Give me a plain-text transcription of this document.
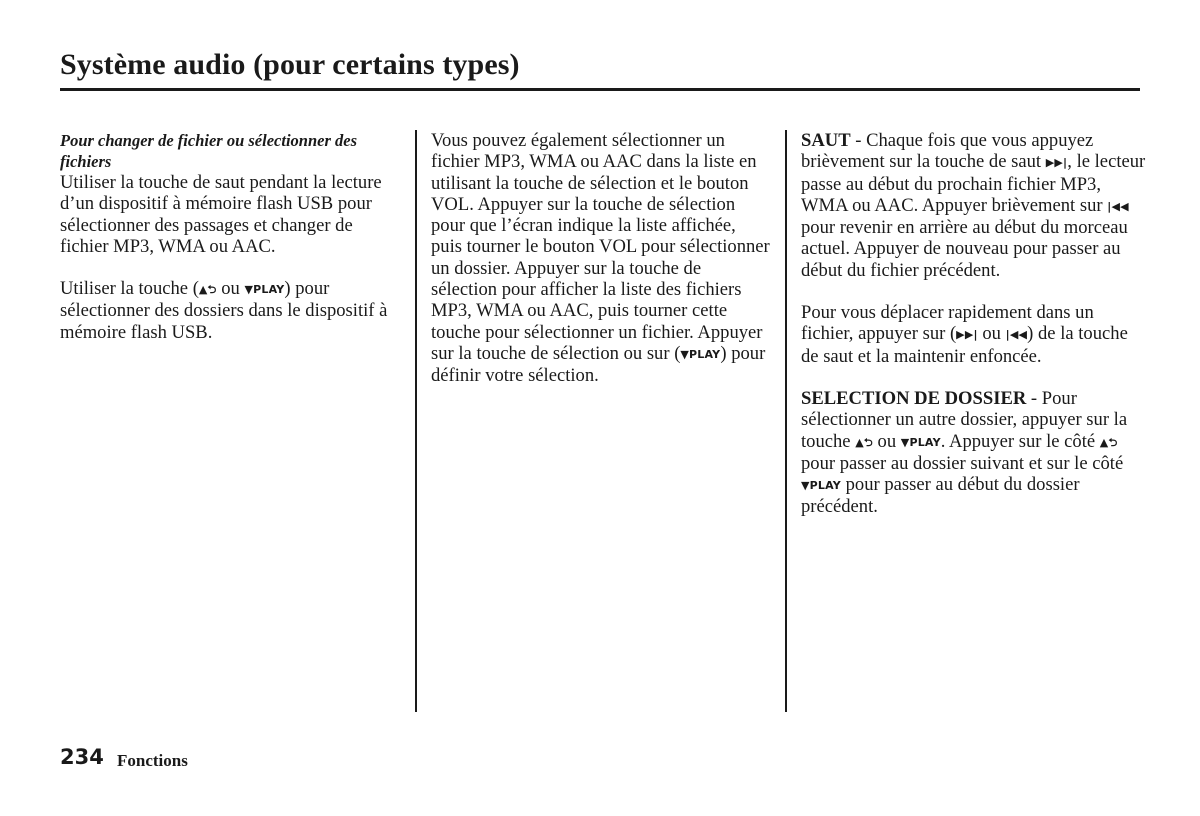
Système audio (pour certains types)

Pour changer de fichier ou sélectionner des fichiers
Utiliser la touche de saut pendant la lecture d’un dispositif à mémoire flash USB pour sélectionner des passages et changer de fichier MP3, WMA ou AAC.

Utiliser la touche (▲⮌ ou ▼PLAY) pour sélectionner des dossiers dans le dispositif à mémoire flash USB.

Vous pouvez également sélectionner un fichier MP3, WMA ou AAC dans la liste en utilisant la touche de sélection et le bouton VOL. Appuyer sur la touche de sélection pour que l’écran indique la liste affichée, puis tourner le bouton VOL pour sélectionner un dossier. Appuyer sur la touche de sélection pour afficher la liste des fichiers MP3, WMA ou AAC, puis tourner cette touche pour sélectionner un fichier. Appuyer sur la touche de sélection ou sur (▼PLAY) pour définir votre sélection.

SAUT - Chaque fois que vous appuyez brièvement sur la touche de saut ▶▶|, le lecteur passe au début du prochain fichier MP3, WMA ou AAC. Appuyer brièvement sur |◀◀ pour revenir en arrière au début du morceau actuel. Appuyer de nouveau pour passer au début du fichier précédent.

Pour vous déplacer rapidement dans un fichier, appuyer sur (▶▶| ou |◀◀) de la touche de saut et la maintenir enfoncée.

SELECTION DE DOSSIER - Pour sélectionner un autre dossier, appuyer sur la touche ▲⮌ ou ▼PLAY. Appuyer sur le côté ▲⮌ pour passer au dossier suivant et sur le côté ▼PLAY pour passer au début du dossier précédent.

234 Fonctions
